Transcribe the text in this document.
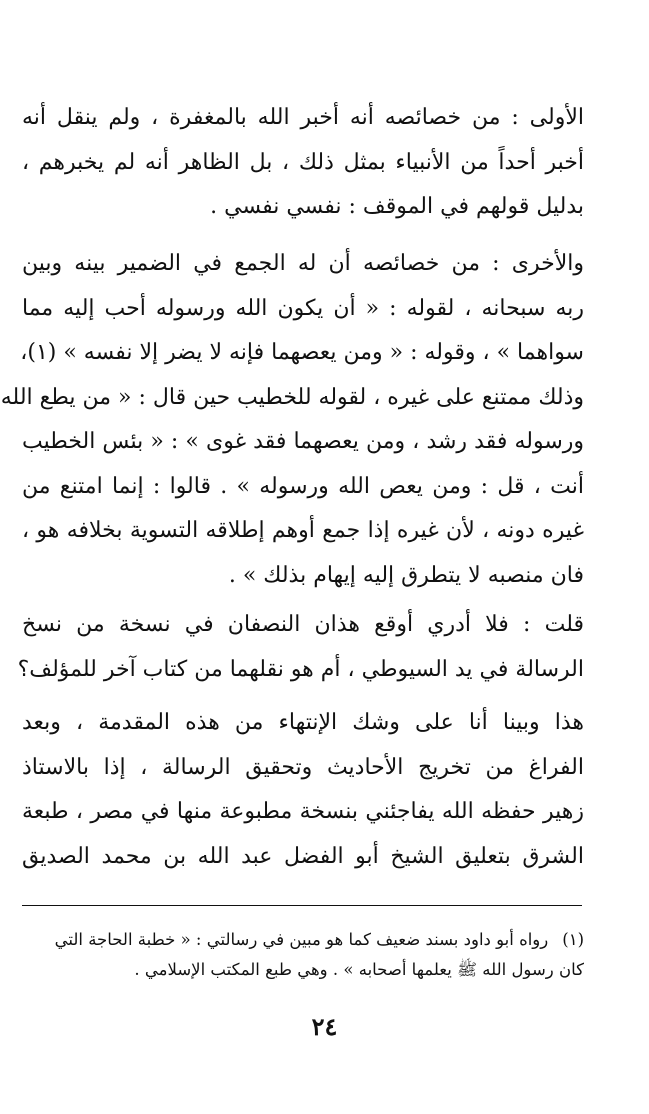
الأولى : من خصائصه أنه أخبر الله بالمغفرة ، ولم ينقل أنه
أخبر أحداً من الأنبياء بمثل ذلك ، بل الظاهر أنه لم يخبرهم ،
بدليل قولهم في الموقف : نفسي نفسي .
والأخرى : من خصائصه أن له الجمع في الضمير بينه وبين
ربه سبحانه ، لقوله : « أن يكون الله ورسوله أحب إليه مما
سواهما » ، وقوله : « ومن يعصهما فإنه لا يضر إلا نفسه » (١)،
وذلك ممتنع على غيره ، لقوله للخطيب حين قال : « من يطع الله
ورسوله فقد رشد ، ومن يعصهما فقد غوى » : « بئس الخطيب
أنت ، قل : ومن يعص الله ورسوله » . قالوا : إنما امتنع من
غيره دونه ، لأن غيره إذا جمع أوهم إطلاقه التسوية بخلافه هو ،
فان منصبه لا يتطرق إليه إيهام بذلك » .
قلت : فلا أدري أوقع هذان النصفان في نسخة من نسخ
الرسالة في يد السيوطي ، أم هو نقلهما من كتاب آخر للمؤلف؟
هذا وبينا أنا على وشك الإنتهاء من هذه المقدمة ، وبعد
الفراغ من تخريج الأحاديث وتحقيق الرسالة ، إذا بالاستاذ
زهير حفظه الله يفاجئني بنسخة مطبوعة منها في مصر ، طبعة
الشرق بتعليق الشيخ أبو الفضل عبد الله بن محمد الصديق
(١)رواه أبو داود بسند ضعيف كما هو مبين في رسالتي : « خطبة الحاجة التي
كان رسول الله ﷺ يعلمها أصحابه » . وهي طبع المكتب الإسلامي .
٢٤
